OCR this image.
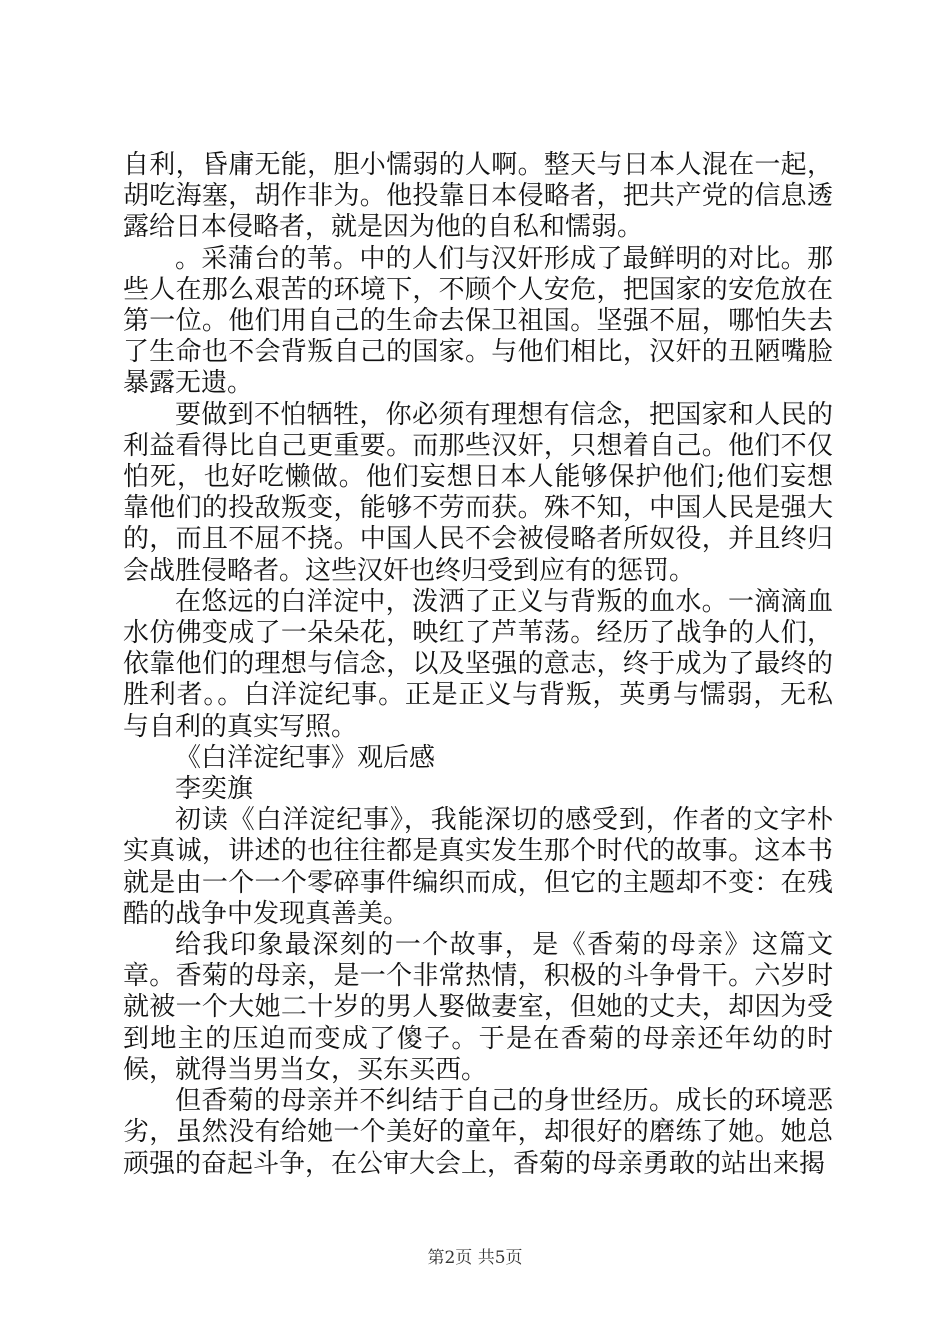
自利，昏庸无能，胆小懦弱的人啊。整天与日本人混在一起，胡吃海塞，胡作非为。他投靠日本侵略者，把共产党的信息透露给日本侵略者，就是因为他的自私和懦弱。

。采蒲台的苇。中的人们与汉奸形成了最鲜明的对比。那些人在那么艰苦的环境下，不顾个人安危，把国家的安危放在第一位。他们用自己的生命去保卫祖国。坚强不屈，哪怕失去了生命也不会背叛自己的国家。与他们相比，汉奸的丑陋嘴脸暴露无遗。

要做到不怕牺牲，你必须有理想有信念，把国家和人民的利益看得比自己更重要。而那些汉奸，只想着自己。他们不仅怕死，也好吃懒做。他们妄想日本人能够保护他们;他们妄想靠他们的投敌叛变，能够不劳而获。殊不知，中国人民是强大的，而且不屈不挠。中国人民不会被侵略者所奴役，并且终归会战胜侵略者。这些汉奸也终归受到应有的惩罚。

在悠远的白洋淀中，泼洒了正义与背叛的血水。一滴滴血水仿佛变成了一朵朵花，映红了芦苇荡。经历了战争的人们，依靠他们的理想与信念，以及坚强的意志，终于成为了最终的胜利者。。白洋淀纪事。正是正义与背叛，英勇与懦弱，无私与自利的真实写照。

《白洋淀纪事》观后感

李奕旗

初读《白洋淀纪事》，我能深切的感受到，作者的文字朴实真诚，讲述的也往往都是真实发生那个时代的故事。这本书就是由一个一个零碎事件编织而成，但它的主题却不变：在残酷的战争中发现真善美。

给我印象最深刻的一个故事，是《香菊的母亲》这篇文章。香菊的母亲，是一个非常热情，积极的斗争骨干。六岁时就被一个大她二十岁的男人娶做妻室，但她的丈夫，却因为受到地主的压迫而变成了傻子。于是在香菊的母亲还年幼的时候，就得当男当女，买东买西。

但香菊的母亲并不纠结于自己的身世经历。成长的环境恶劣，虽然没有给她一个美好的童年，却很好的磨练了她。她总顽强的奋起斗争，在公审大会上，香菊的母亲勇敢的站出来揭

第2页 共5页
